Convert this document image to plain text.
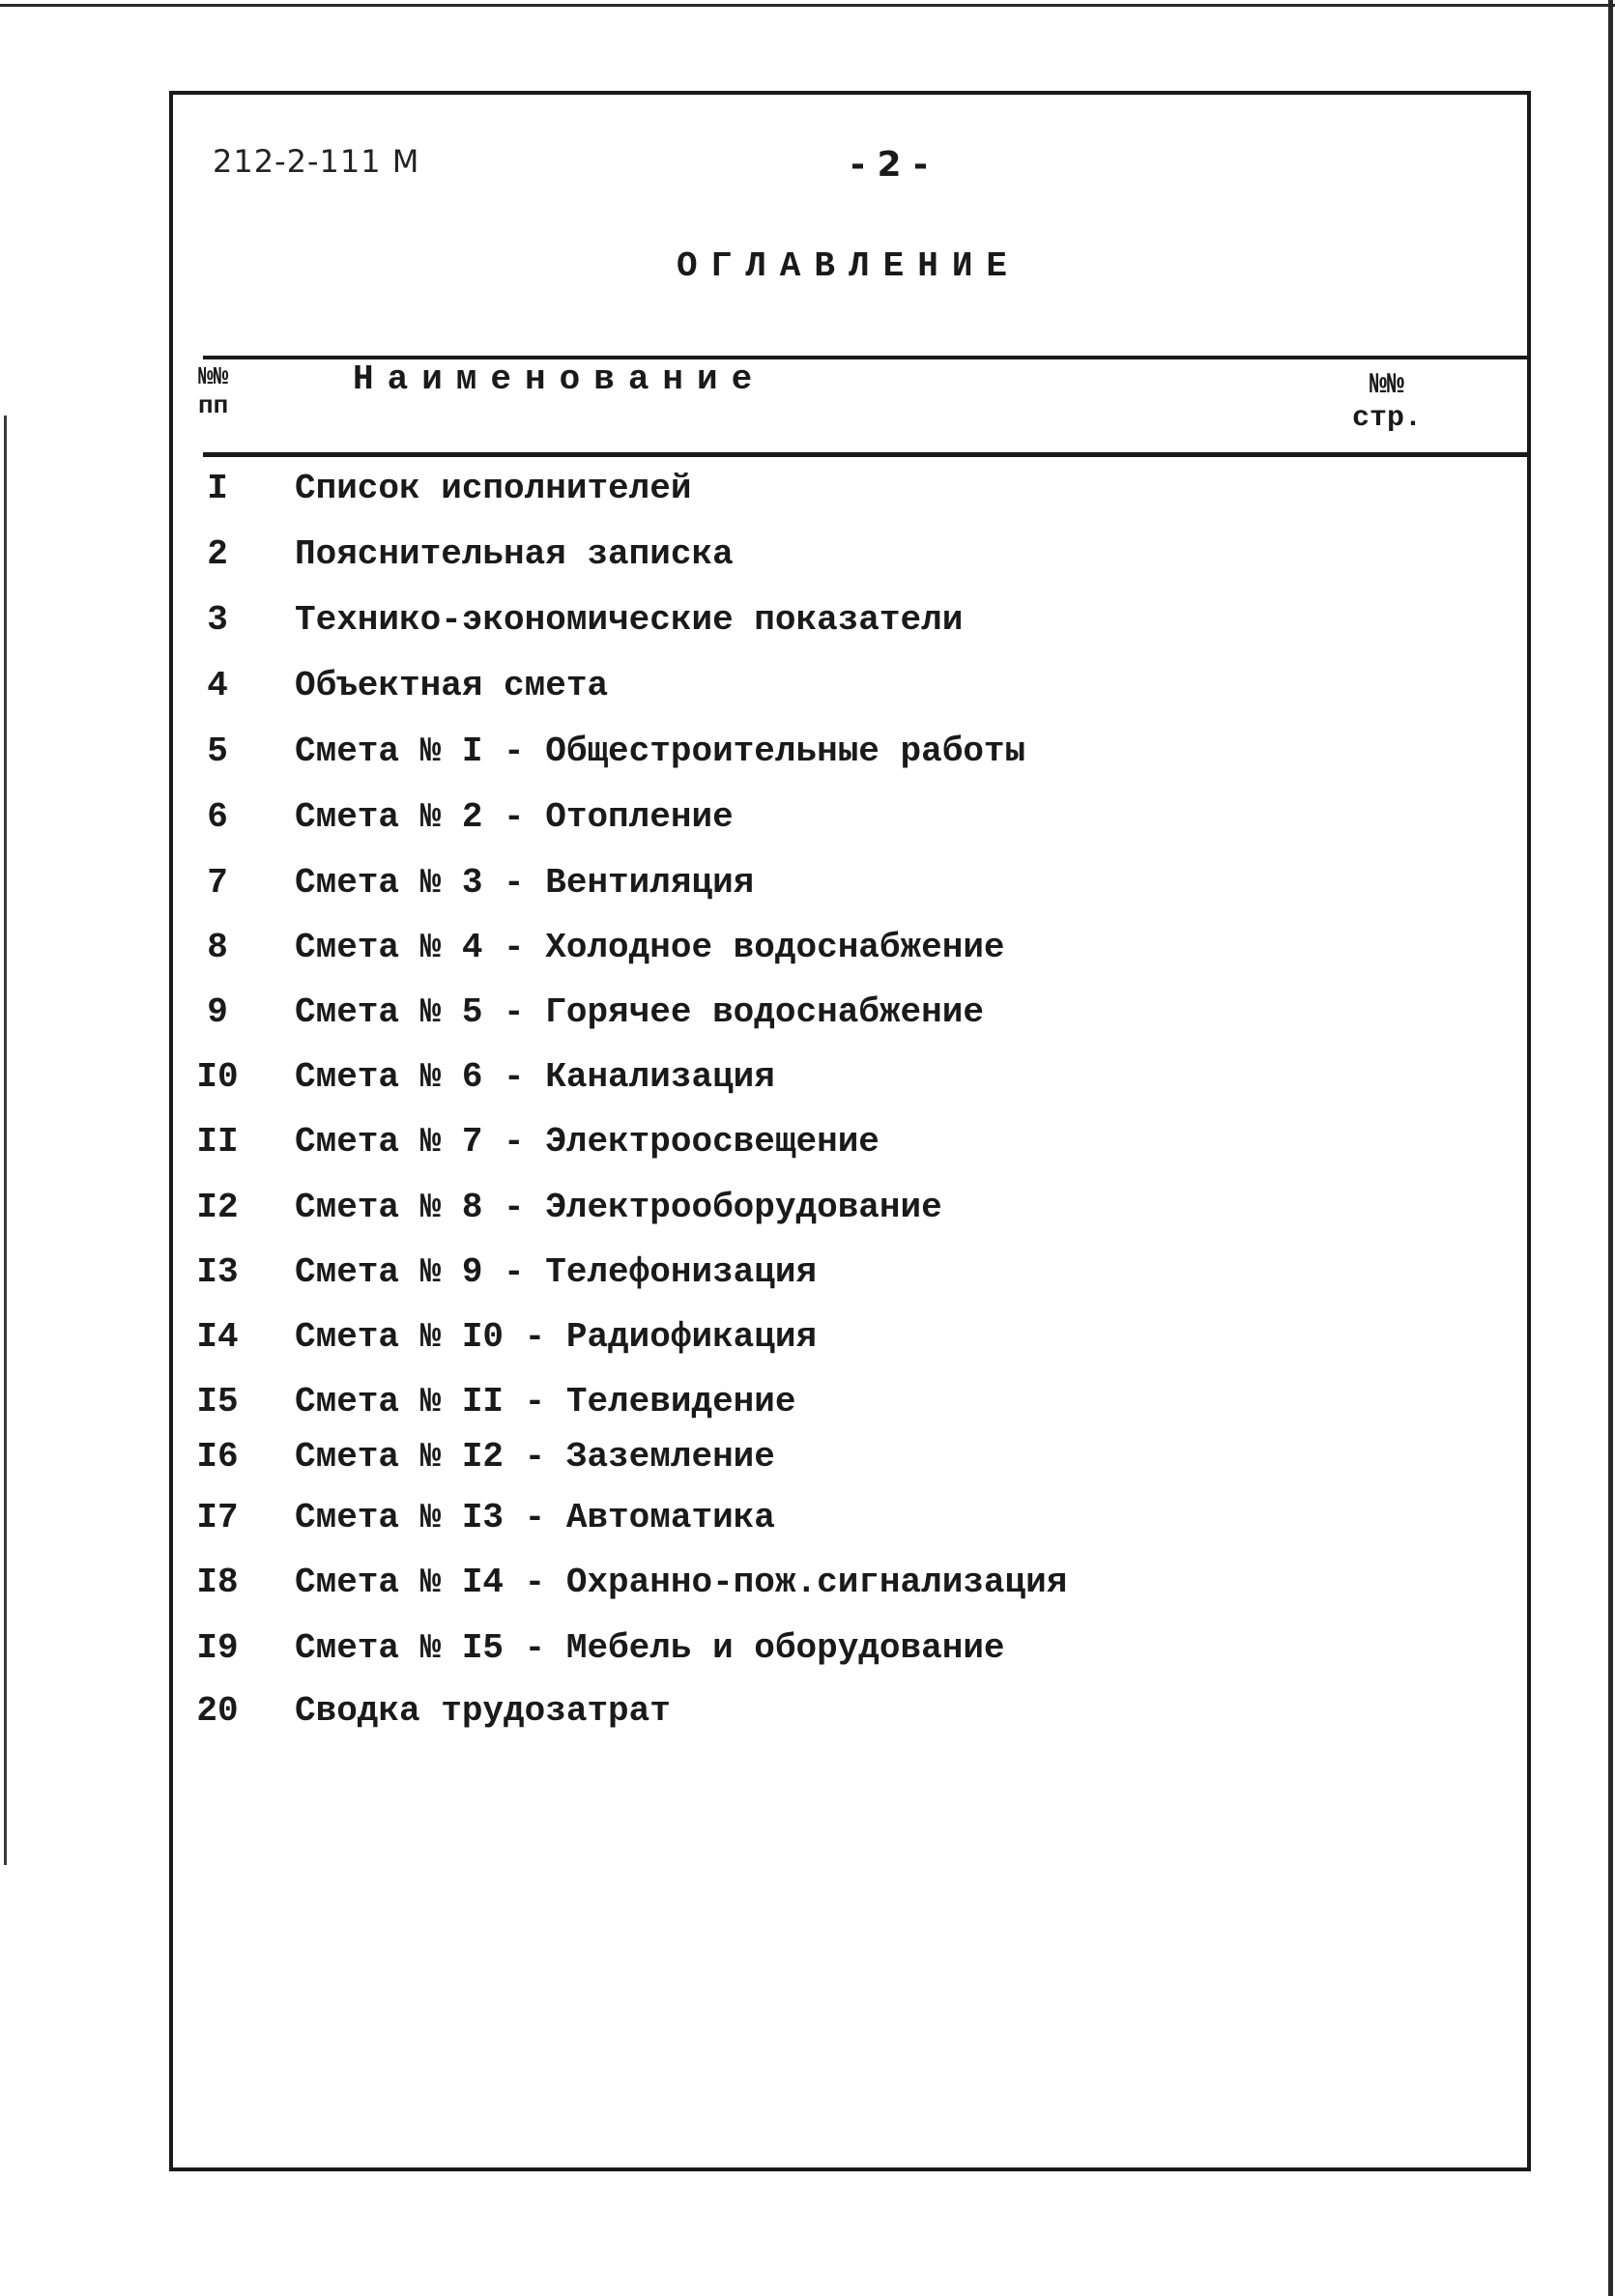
212-2-111 М	- 2 -
ОГЛАВЛЕНИЕ
№№ пп
Наименование	№№ стр.
I	Список исполнителей
2	Пояснительная записка
3	Технико-экономические показатели
4	Объектная смета
5	Смета № I - Общестроительные работы
6	Смета № 2 - Отопление
7	Смета № 3 - Вентиляция
8	Смета № 4 - Холодное водоснабжение
9	Смета № 5 - Горячее водоснабжение
I0	Смета № 6 - Канализация
II	Смета № 7 - Электроосвещение
I2	Смета № 8 - Электрооборудование
I3	Смета № 9 - Телефонизация
I4	Смета № I0 - Радиофикация
I5	Смета № II - Телевидение
I6	Смета № I2 - Заземление
I7	Смета № I3 - Автоматика
I8	Смета № I4 - Охранно-пож.сигнализация
I9	Смета № I5 - Мебель и оборудование
20	Сводка трудозатрат
